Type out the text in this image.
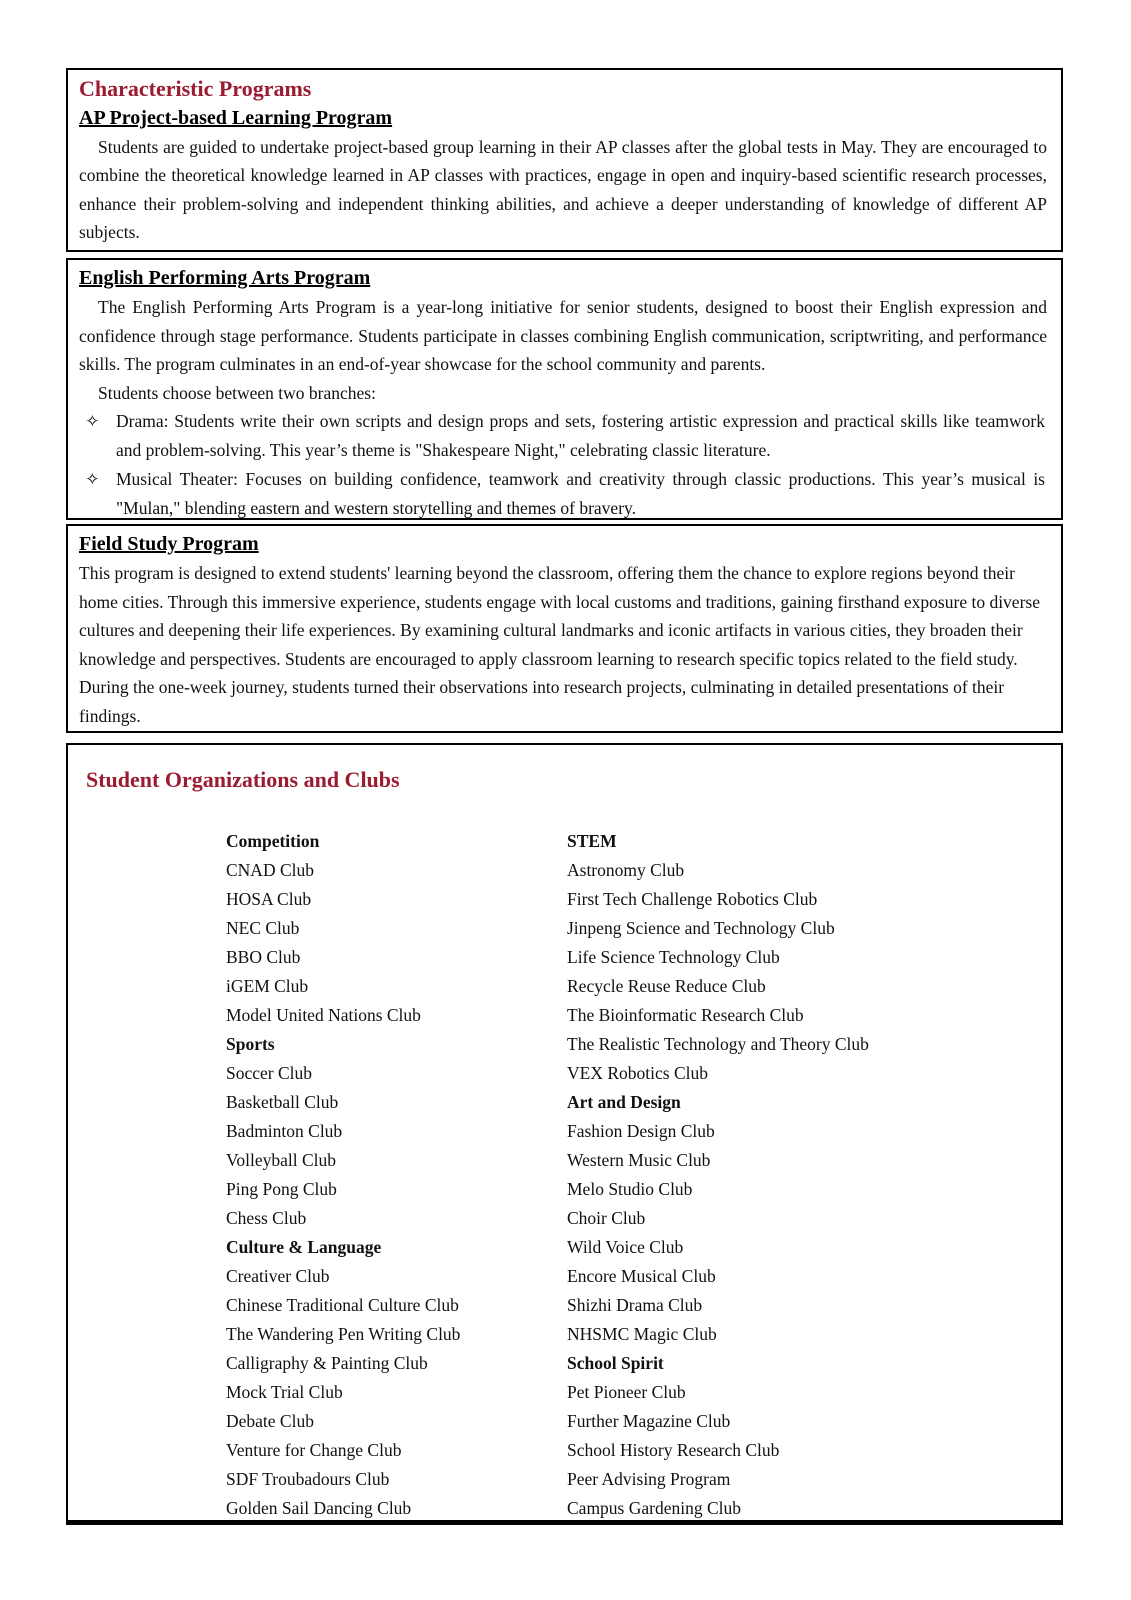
Characteristic Programs
AP Project-based Learning Program
Students are guided to undertake project-based group learning in their AP classes after the global tests in May. They are encouraged to combine the theoretical knowledge learned in AP classes with practices, engage in open and inquiry-based scientific research processes, enhance their problem-solving and independent thinking abilities, and achieve a deeper understanding of knowledge of different AP subjects.
English Performing Arts Program
The English Performing Arts Program is a year-long initiative for senior students, designed to boost their English expression and confidence through stage performance. Students participate in classes combining English communication, scriptwriting, and performance skills. The program culminates in an end-of-year showcase for the school community and parents.
Students choose between two branches:
✧ Drama: Students write their own scripts and design props and sets, fostering artistic expression and practical skills like teamwork and problem-solving. This year’s theme is "Shakespeare Night," celebrating classic literature.
✧ Musical Theater: Focuses on building confidence, teamwork and creativity through classic productions. This year’s musical is "Mulan," blending eastern and western storytelling and themes of bravery.
Field Study Program
This program is designed to extend students' learning beyond the classroom, offering them the chance to explore regions beyond their home cities. Through this immersive experience, students engage with local customs and traditions, gaining firsthand exposure to diverse cultures and deepening their life experiences. By examining cultural landmarks and iconic artifacts in various cities, they broaden their knowledge and perspectives. Students are encouraged to apply classroom learning to research specific topics related to the field study. During the one-week journey, students turned their observations into research projects, culminating in detailed presentations of their findings.
Student Organizations and Clubs
Competition
CNAD Club
HOSA Club
NEC Club
BBO Club
iGEM Club
Model United Nations Club
Sports
Soccer Club
Basketball Club
Badminton Club
Volleyball Club
Ping Pong Club
Chess Club
Culture & Language
Creativer Club
Chinese Traditional Culture Club
The Wandering Pen Writing Club
Calligraphy & Painting Club
Mock Trial Club
Debate Club
Venture for Change Club
SDF Troubadours Club
Golden Sail Dancing Club
STEM
Astronomy Club
First Tech Challenge Robotics Club
Jinpeng Science and Technology Club
Life Science Technology Club
Recycle Reuse Reduce Club
The Bioinformatic Research Club
The Realistic Technology and Theory Club
VEX Robotics Club
Art and Design
Fashion Design Club
Western Music Club
Melo Studio Club
Choir Club
Wild Voice Club
Encore Musical Club
Shizhi Drama Club
NHSMC Magic Club
School Spirit
Pet Pioneer Club
Further Magazine Club
School History Research Club
Peer Advising Program
Campus Gardening Club
